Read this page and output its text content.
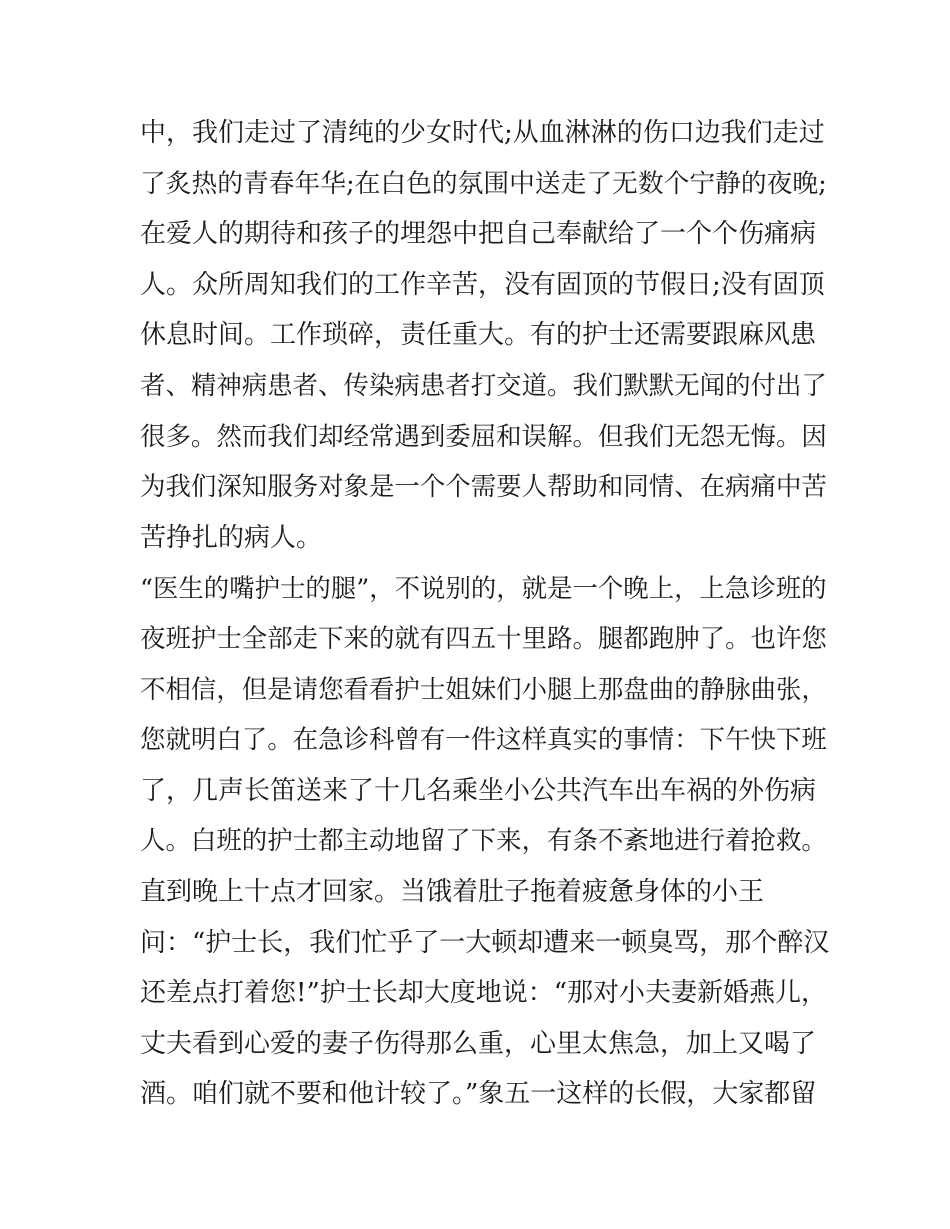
中，我们走过了清纯的少女时代;从血淋淋的伤口边我们走过
了炙热的青春年华;在白色的氛围中送走了无数个宁静的夜晚;
在爱人的期待和孩子的埋怨中把自己奉献给了一个个伤痛病
人。众所周知我们的工作辛苦，没有固顶的节假日;没有固顶
休息时间。工作琐碎，责任重大。有的护士还需要跟麻风患
者、精神病患者、传染病患者打交道。我们默默无闻的付出了
很多。然而我们却经常遇到委屈和误解。但我们无怨无悔。因
为我们深知服务对象是一个个需要人帮助和同情、在病痛中苦
苦挣扎的病人。
“医生的嘴护士的腿”，不说别的，就是一个晚上，上急诊班的
夜班护士全部走下来的就有四五十里路。腿都跑肿了。也许您
不相信，但是请您看看护士姐妹们小腿上那盘曲的静脉曲张，
您就明白了。在急诊科曾有一件这样真实的事情：下午快下班
了，几声长笛送来了十几名乘坐小公共汽车出车祸的外伤病
人。白班的护士都主动地留了下来，有条不紊地进行着抢救。
直到晚上十点才回家。当饿着肚子拖着疲惫身体的小王
问：“护士长，我们忙乎了一大顿却遭来一顿臭骂，那个醉汉
还差点打着您!”护士长却大度地说：“那对小夫妻新婚燕儿，
丈夫看到心爱的妻子伤得那么重，心里太焦急，加上又喝了
酒。咱们就不要和他计较了。”象五一这样的长假，大家都留
